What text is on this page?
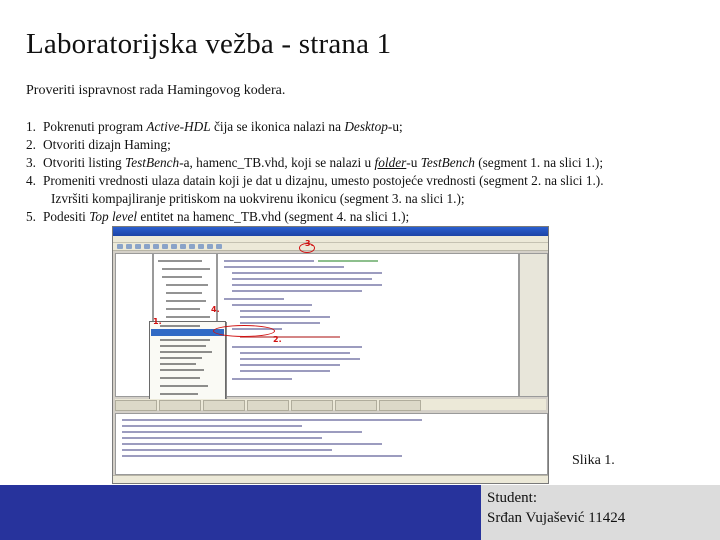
Laboratorijska vežba - strana 1
Proveriti ispravnost rada Hamingovog kodera.
1. Pokrenuti program Active-HDL čija se ikonica nalazi na Desktop-u;
2. Otvoriti dizajn Haming;
3. Otvoriti listing TestBench-a, hamenc_TB.vhd, koji se nalazi u folder-u TestBench (segment 1. na slici 1.);
4. Promeniti vrednosti ulaza datain koji je dat u dizajnu, umesto postojeće vrednosti (segment 2. na slici 1.).
Izvršiti kompajliranje pritiskom na uokvirenu ikonicu (segment 3. na slici 1.);
5. Podesiti Top level entitet na hamenc_TB.vhd (segment 4. na slici 1.);
1.
2.
3.
4.
Slika 1.
Student:
Srđan Vujašević 11424
